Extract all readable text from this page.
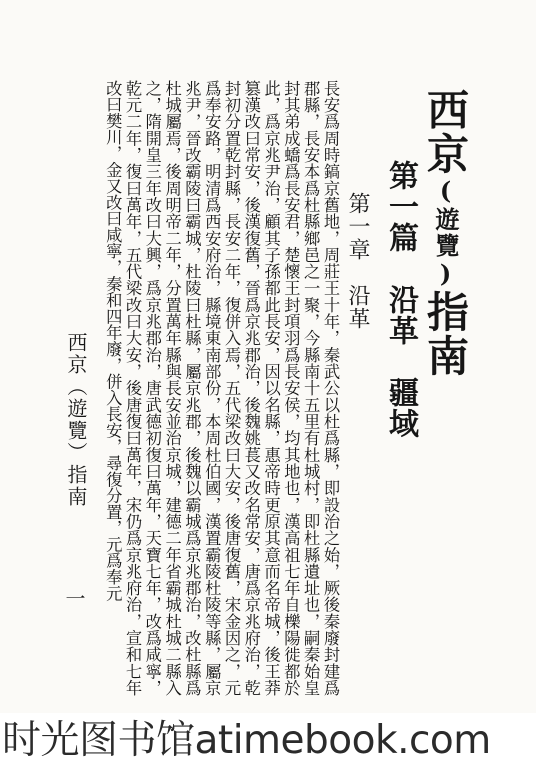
西京(遊覽)指南
第一篇　沿革　疆域
第一章　沿革
長安爲周時鎬京舊地，周莊王十年，秦武公以杜爲縣，即設治之始，厥後秦廢封建爲郡縣，長安本爲杜縣鄉邑之一聚，今縣南十五里有杜城村，即杜縣遺址也，嗣秦始皇封其弟成蟜爲長安君，楚懷王封項羽爲長安侯，均其地也，漢高祖七年自櫟陽徙都於此，爲京兆尹治，顧其子孫都此長安，因以名縣，惠帝時更原其意而名帝城，後王莽篡漢改曰常安，後漢復舊，晉爲京兆郡治，後魏姚萇又改名常安，唐爲京兆府治，乾封初分置乾封縣，長安二年，復併入焉，五代梁改曰大安，後唐復舊，宋金因之，元爲奉安路，明清爲西安府治，縣境東南部份，本周杜伯國，漢置霸陵杜陵等縣，屬京兆尹，晉改霸陵曰霸城，杜陵曰杜縣，屬京兆郡，後魏以霸城爲京兆郡治，改杜縣爲杜城屬焉，後周明帝二年，分置萬年縣與長安並治京城，建德二年省霸城杜城二縣入之，隋開皇三年改曰大興，爲京兆郡治，唐武德初復曰萬年，天寶七年，改爲咸寧，乾元二年，復曰萬年，五代梁改曰大安，後唐復曰萬年，宋仍爲京兆府治，宣和七年改曰樊川，金又改曰咸寧，秦和四年廢，併入長安，尋復分置，元爲奉元
西京（遊覽）指南
一
时光图书馆atimebook.com
